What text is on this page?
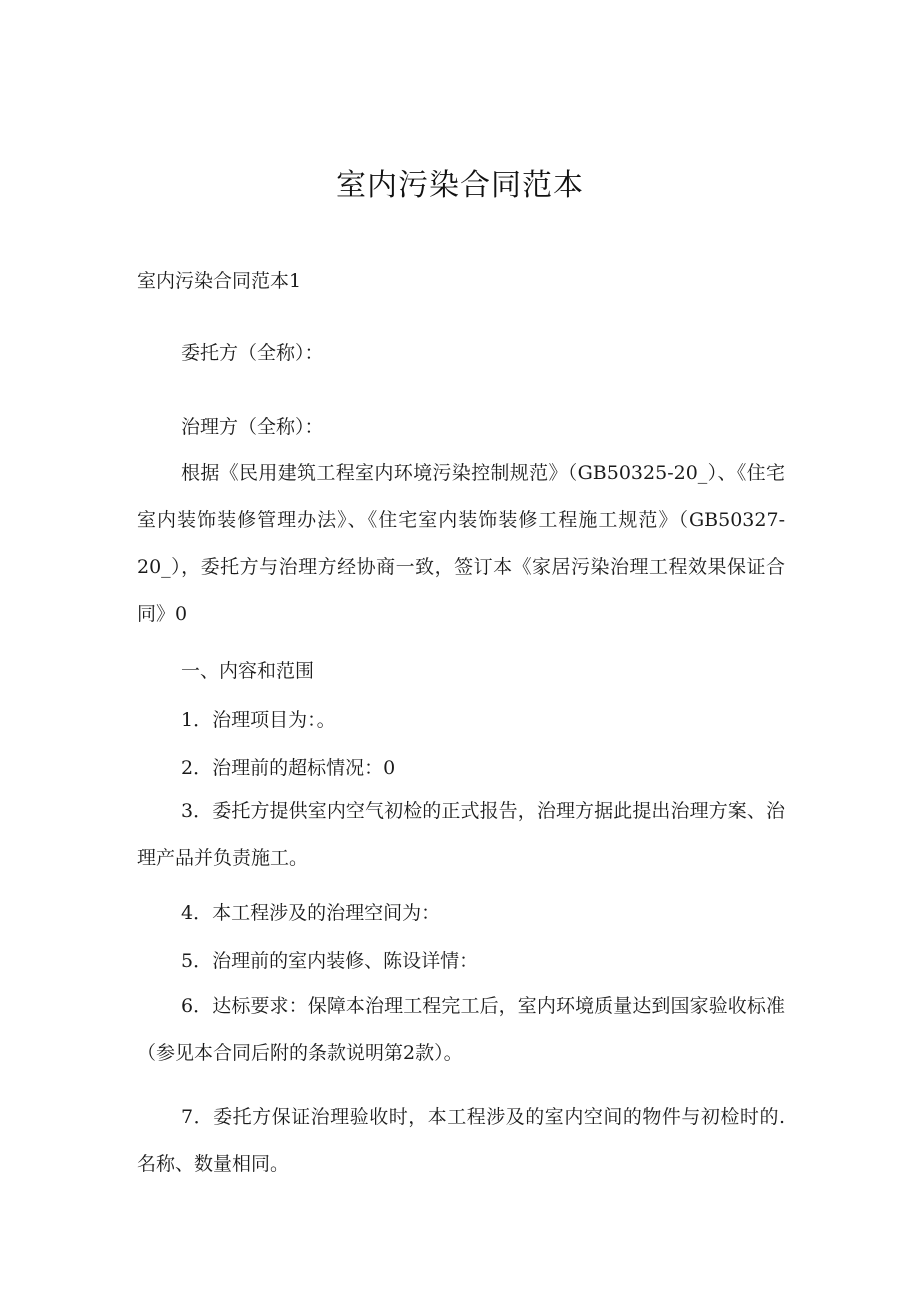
室内污染合同范本
室内污染合同范本1
委托方（全称）：
治理方（全称）：

根据《民用建筑工程室内环境污染控制规范》（GB50325-20_）、《住宅室内装饰装修管理办法》、《住宅室内装饰装修工程施工规范》（GB50327-20_），委托方与治理方经协商一致，签订本《家居污染治理工程效果保证合同》0

一、内容和范围
1．治理项目为：。
2．治理前的超标情况：0

3．委托方提供室内空气初检的正式报告，治理方据此提出治理方案、治理产品并负责施工。

4．本工程涉及的治理空间为：
5．治理前的室内装修、陈设详情：

6．达标要求：保障本治理工程完工后，室内环境质量达到国家验收标准（参见本合同后附的条款说明第2款）。

7．委托方保证治理验收时，本工程涉及的室内空间的物件与初检时的.名称、数量相同。
